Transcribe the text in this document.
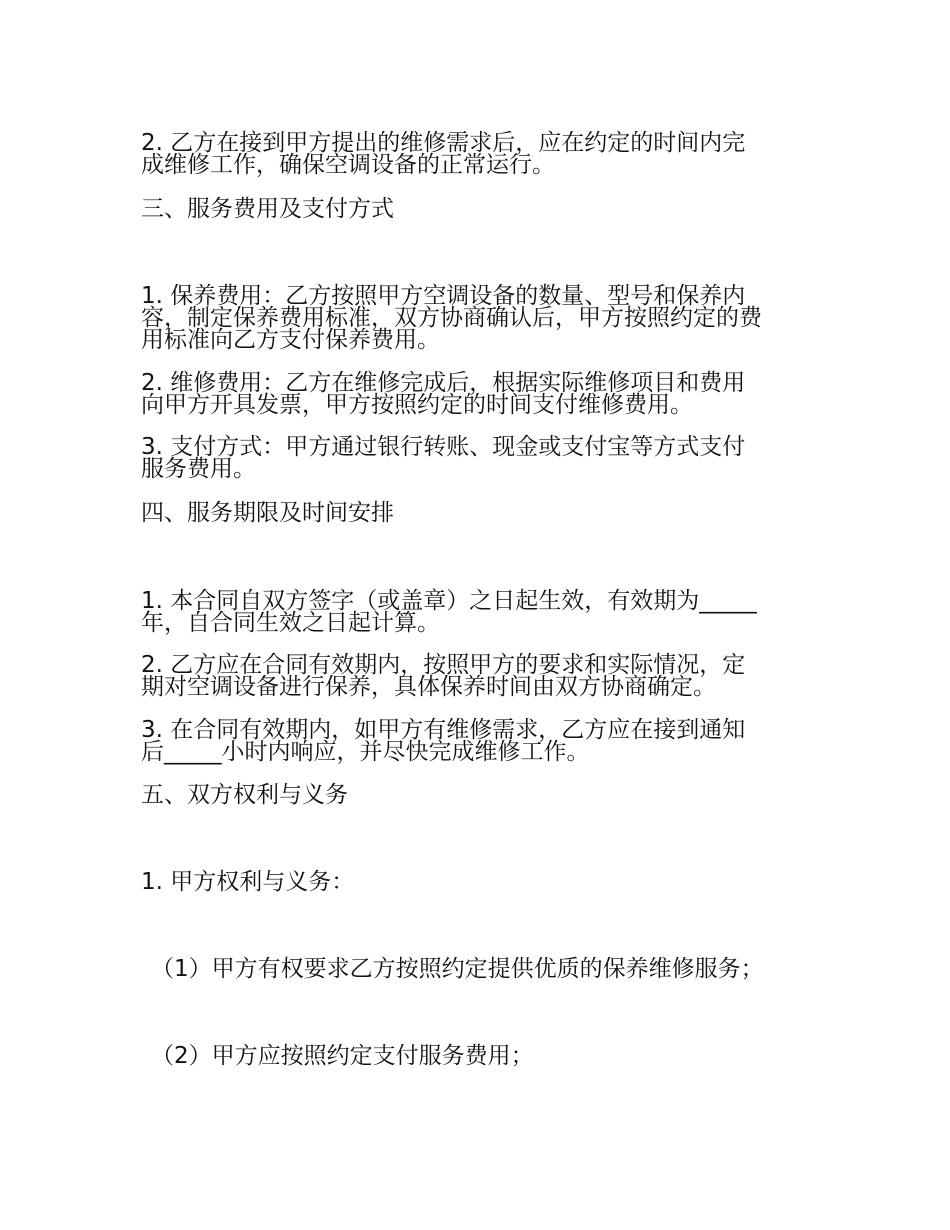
2. 乙方在接到甲方提出的维修需求后，应在约定的时间内完
成维修工作，确保空调设备的正常运行。
三、服务费用及支付方式
1. 保养费用：乙方按照甲方空调设备的数量、型号和保养内
容，制定保养费用标准，双方协商确认后，甲方按照约定的费
用标准向乙方支付保养费用。
2. 维修费用：乙方在维修完成后，根据实际维修项目和费用
向甲方开具发票，甲方按照约定的时间支付维修费用。
3. 支付方式：甲方通过银行转账、现金或支付宝等方式支付
服务费用。
四、服务期限及时间安排
1. 本合同自双方签字（或盖章）之日起生效，有效期为_____
年，自合同生效之日起计算。
2. 乙方应在合同有效期内，按照甲方的要求和实际情况，定
期对空调设备进行保养，具体保养时间由双方协商确定。
3. 在合同有效期内，如甲方有维修需求，乙方应在接到通知
后_____小时内响应，并尽快完成维修工作。
五、双方权利与义务
1. 甲方权利与义务：
（1）甲方有权要求乙方按照约定提供优质的保养维修服务；
（2）甲方应按照约定支付服务费用；
